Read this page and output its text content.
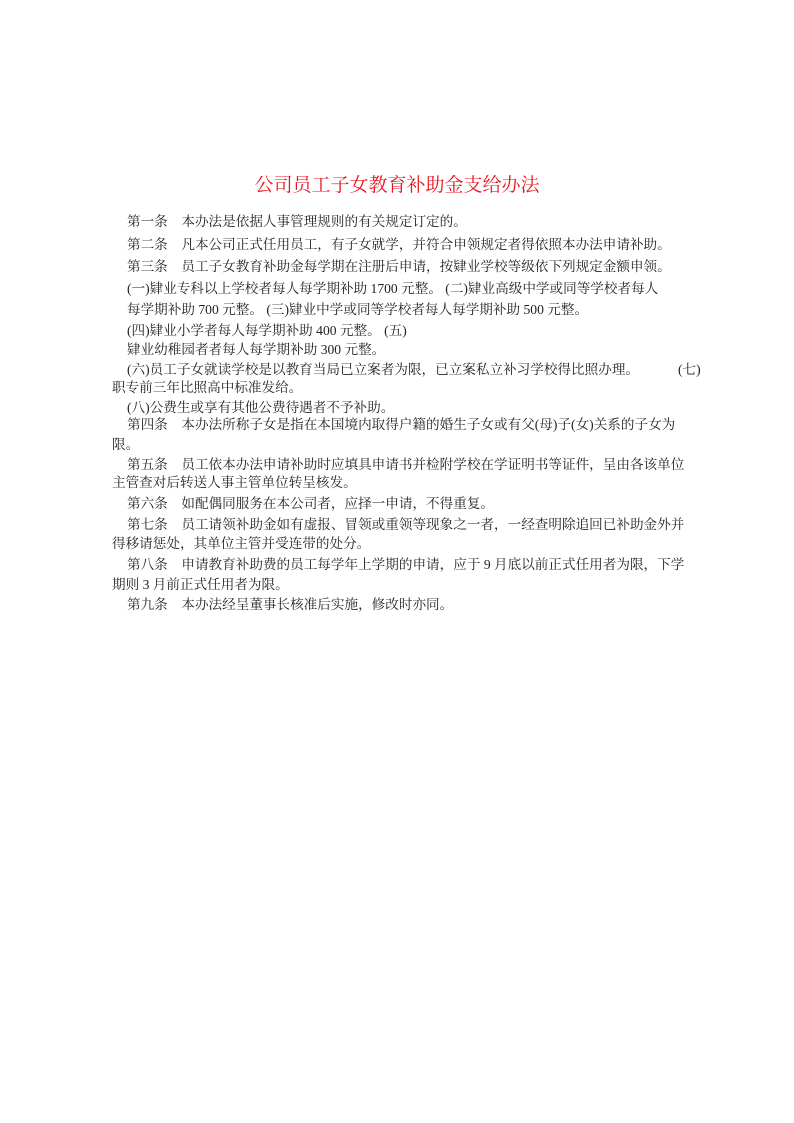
公司员工子女教育补助金支给办法
第一条　本办法是依据人事管理规则的有关规定订定的。
第二条　凡本公司正式任用员工，有子女就学，并符合申领规定者得依照本办法申请补助。
第三条　员工子女教育补助金每学期在注册后申请，按肄业学校等级依下列规定金额申领。
(一)肄业专科以上学校者每人每学期补助 1700 元整。 (二)肄业高级中学或同等学校者每人
每学期补助 700 元整。 (三)肄业中学或同等学校者每人每学期补助 500 元整。
(四)肄业小学者每人每学期补助 400 元整。 (五)
肄业幼稚园者者每人每学期补助 300 元整。
(六)员工子女就读学校是以教育当局已立案者为限，已立案私立补习学校得比照办理。	(七)
职专前三年比照高中标准发给。
(八)公费生或享有其他公费待遇者不予补助。
第四条　本办法所称子女是指在本国境内取得户籍的婚生子女或有父(母)子(女)关系的子女为
限。
第五条　员工依本办法申请补助时应填具申请书并检附学校在学证明书等证件，呈由各该单位
主管查对后转送人事主管单位转呈核发。
第六条　如配偶同服务在本公司者，应择一申请，不得重复。
第七条　员工请领补助金如有虚报、冒领或重领等现象之一者，一经查明除追回已补助金外并
得移请惩处，其单位主管并受连带的处分。
第八条　申请教育补助费的员工每学年上学期的申请，应于 9 月底以前正式任用者为限，下学
期则 3 月前正式任用者为限。
第九条　本办法经呈董事长核准后实施，修改时亦同。
